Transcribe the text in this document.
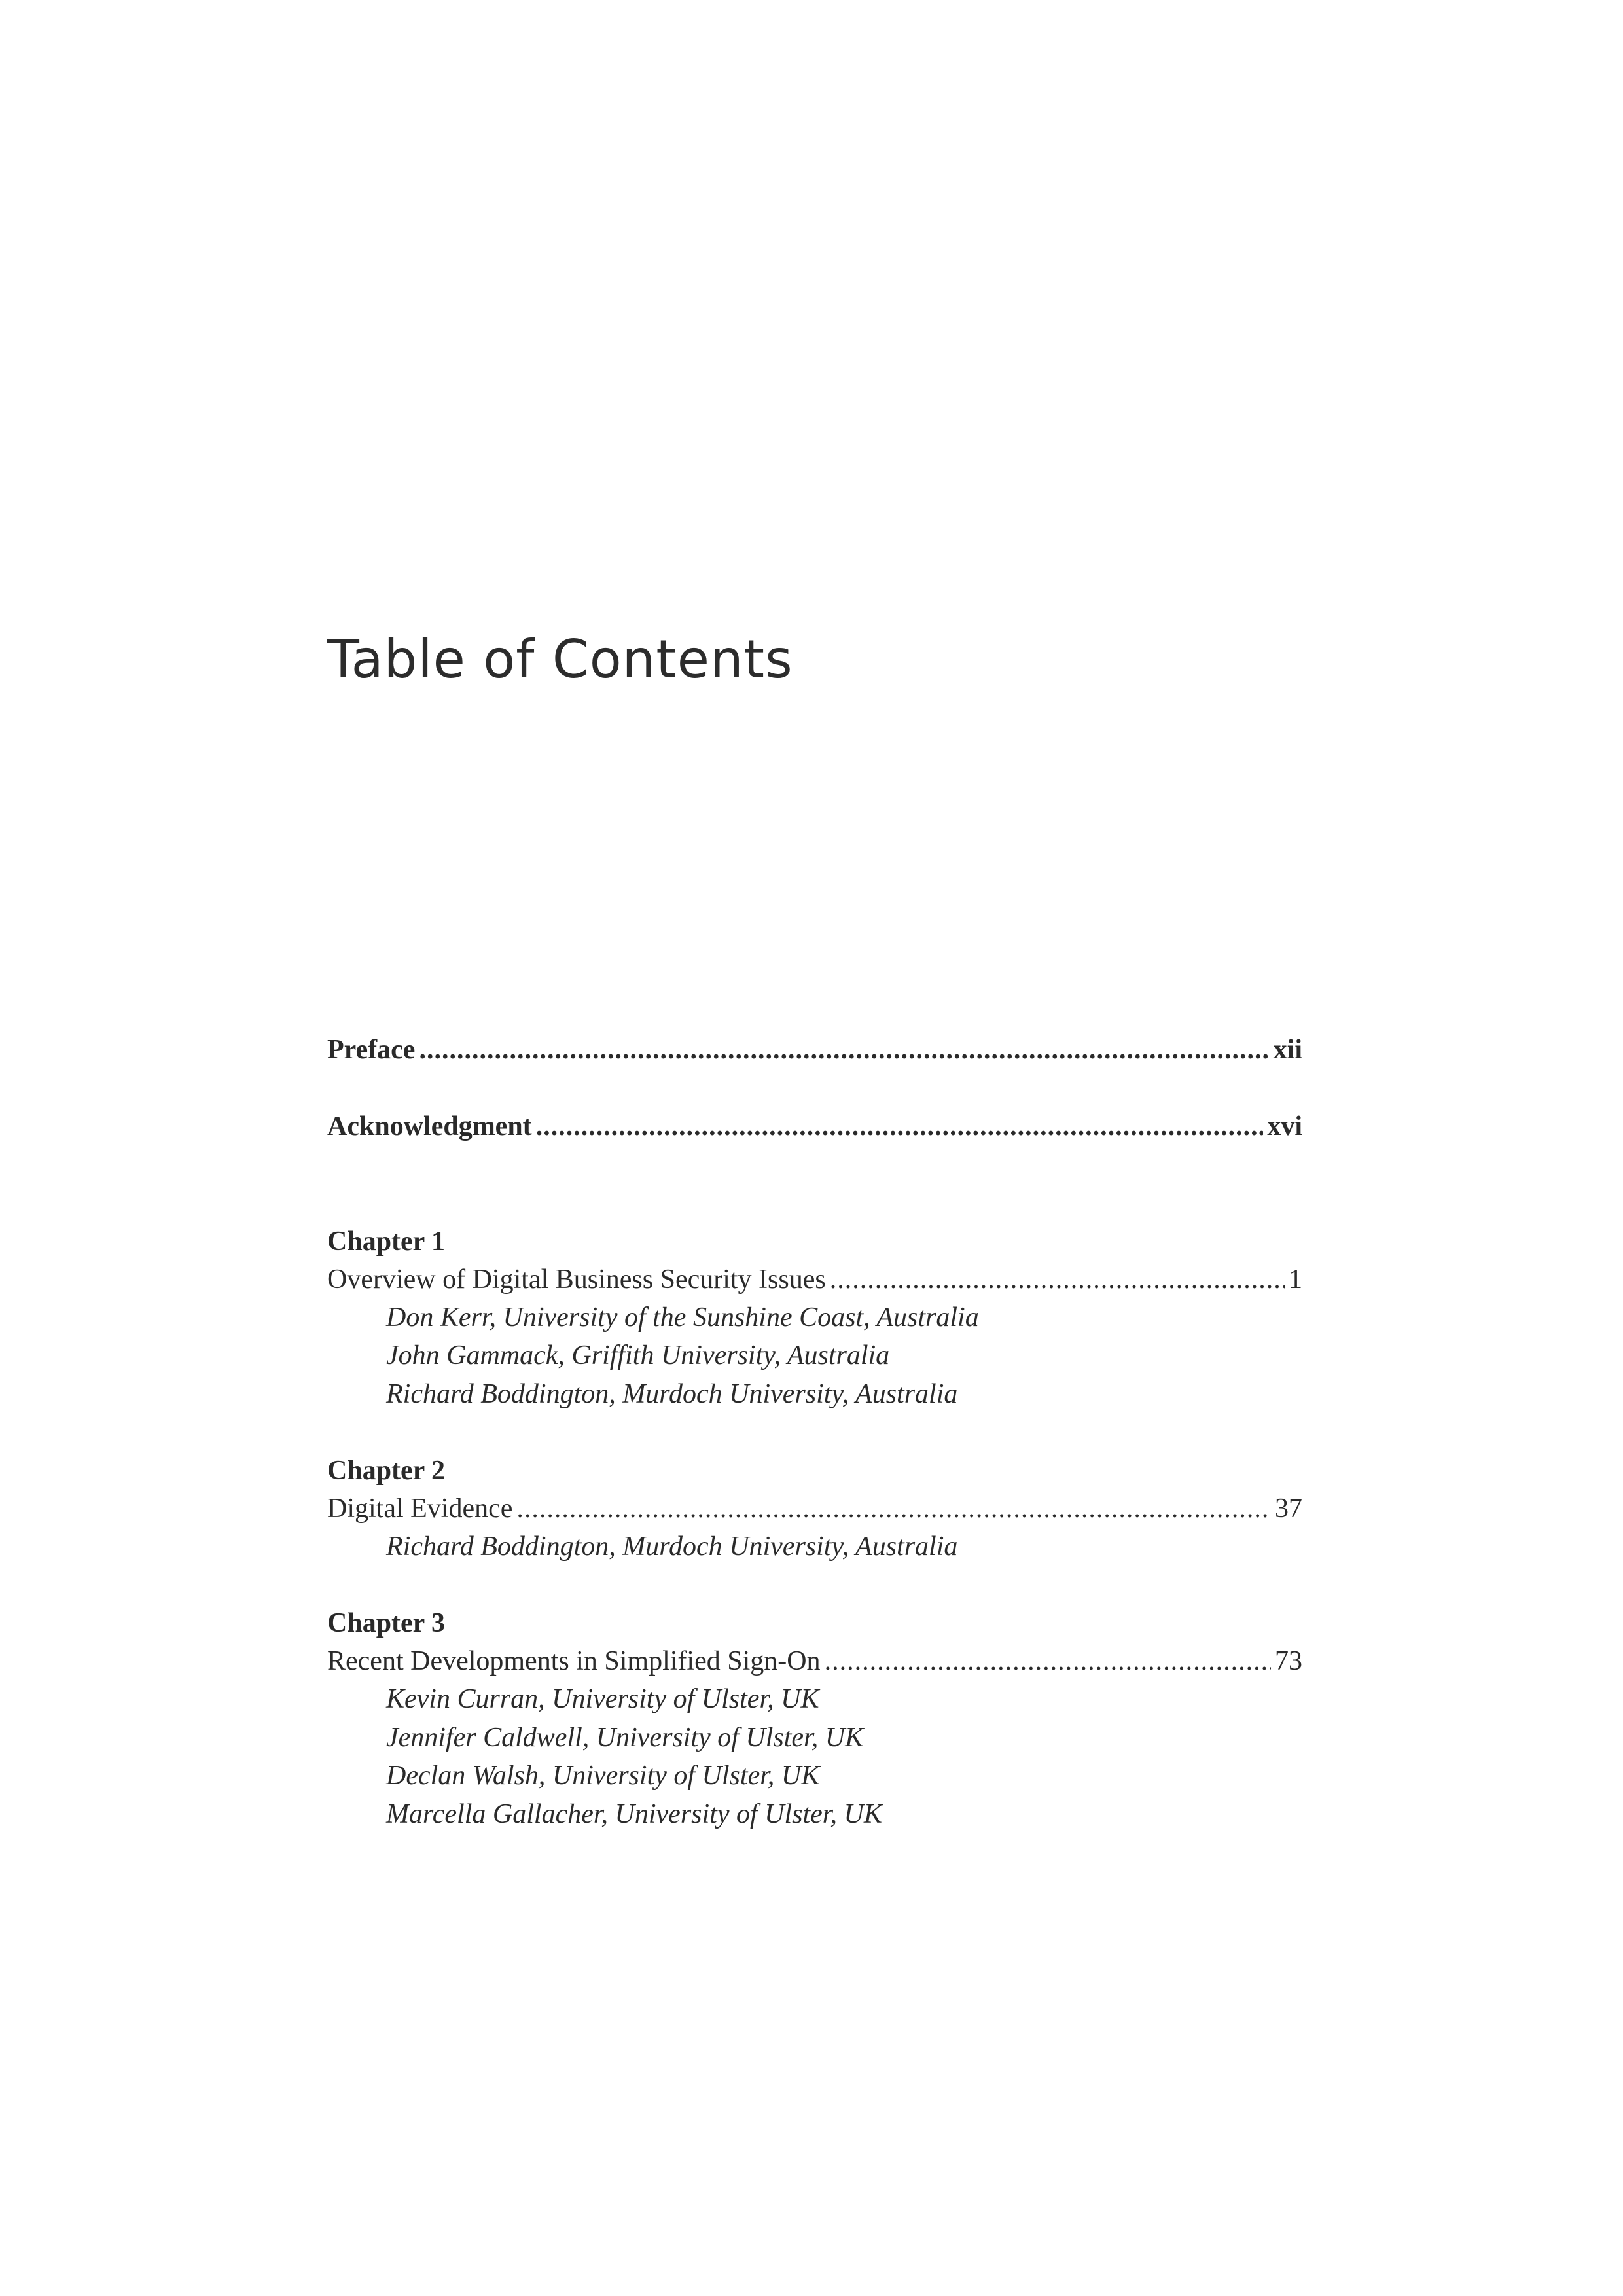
Table of Contents
Preface .....	xii
Acknowledgment .....	xvi
Chapter 1
Overview of Digital Business Security Issues .....	1
Don Kerr, University of the Sunshine Coast, Australia
John Gammack, Griffith University, Australia
Richard Boddington, Murdoch University, Australia
Chapter 2
Digital Evidence .....	37
Richard Boddington, Murdoch University, Australia
Chapter 3
Recent Developments in Simplified Sign-On .....	73
Kevin Curran, University of Ulster, UK
Jennifer Caldwell, University of Ulster, UK
Declan Walsh, University of Ulster, UK
Marcella Gallacher, University of Ulster, UK
